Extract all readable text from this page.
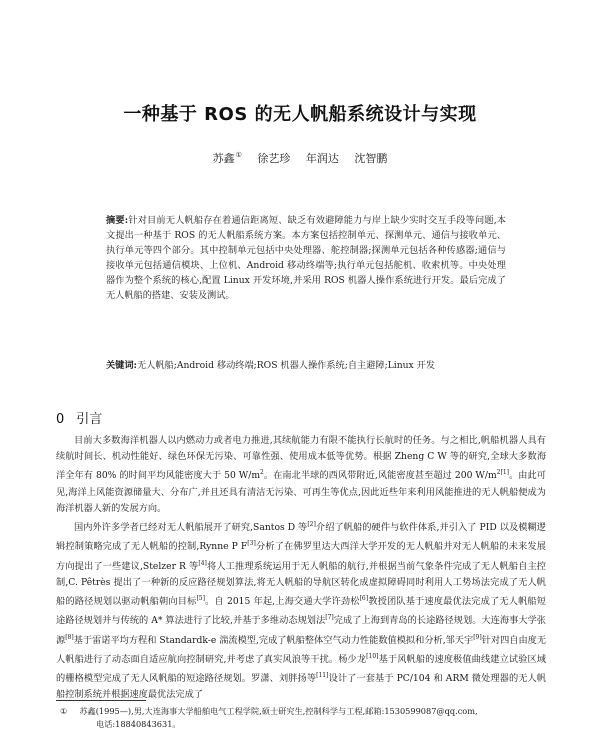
一种基于 ROS 的无人帆船系统设计与实现
苏鑫① 徐艺珍 年润达 沈智鹏
摘要:针对目前无人帆船存在着通信距离短、缺乏有效避障能力与岸上缺少实时交互手段等问题,本文提出一种基于 ROS 的无人帆船系统方案。本方案包括控制单元、探测单元、通信与接收单元、执行单元等四个部分。其中控制单元包括中央处理器、舵控制器;探测单元包括各种传感器;通信与接收单元包括通信模块、上位机、Android 移动终端等;执行单元包括舵机、收索机等。中央处理器作为整个系统的核心,配置 Linux 开发环境,并采用 ROS 机器人操作系统进行开发。最后完成了无人帆船的搭建、安装及测试。
关键词:无人帆船;Android 移动终端;ROS 机器人操作系统;自主避障;Linux 开发
0 引言

目前大多数海洋机器人以内燃动力或者电力推进,其续航能力有限不能执行长航时的任务。与之相比,帆船机器人具有续航时间长、机动性能好、绿色环保无污染、可靠性强、使用成本低等优势。根据 Zheng C W 等的研究,全球大多数海洋全年有 80% 的时间平均风能密度大于 50 $W/m^2$。在南北半球的西风带附近,风能密度甚至超过 200 $W/m^{2[1]}$。由此可见,海洋上风能资源储量大、分布广,并且还具有清洁无污染、可再生等优点,因此近些年来利用风能推进的无人帆船便成为海洋机器人新的发展方向。

国内外许多学者已经对无人帆船展开了研究,Santos D 等[2]介绍了帆船的硬件与软件体系,并引入了 PID 以及模糊逻辑控制策略完成了无人帆船的控制,Rynne P F[3]分析了在佛罗里达大西洋大学开发的无人帆船并对无人帆船的未来发展方向提出了一些建议,Stelzer R 等[4]将人工推理系统运用于无人帆船的航行,并根据当前气象条件完成了无人帆船自主控制,C. Pêtrès 提出了一种新的反应路径规划算法,将无人帆船的导航区转化成虚拟障碍同时利用人工势场法完成了无人帆船的路径规划以驱动帆船朝向目标[5]。自 2015 年起,上海交通大学许劲松[6]教授团队基于速度最优法完成了无人帆船短途路径规划并与传统的 A* 算法进行了比较,并基于多维动态规划法[7]完成了上海到青岛的长途路径规划。大连海事大学张源[8]基于雷诺平均方程和 Standardk-e 湍流模型,完成了帆船整体空气动力性能数值模拟和分析,邹天宇[9]针对四自由度无人帆船进行了动态面自适应航向控制研究,并考虑了真实风浪等干扰。杨少龙[10]基于风帆船的速度极值曲线建立试验区域的栅格模型完成了无人风帆船的短途路径规划。罗潇、刘胖扬等[11]设计了一套基于 PC/104 和 ARM 微处理器的无人帆船控制系统并根据速度最优法完成了

① 苏鑫(1995—),男,大连海事大学船舶电气工程学院,硕士研究生,控制科学与工程,邮箱:1530599087@qq.com,
电话:18840843631。
